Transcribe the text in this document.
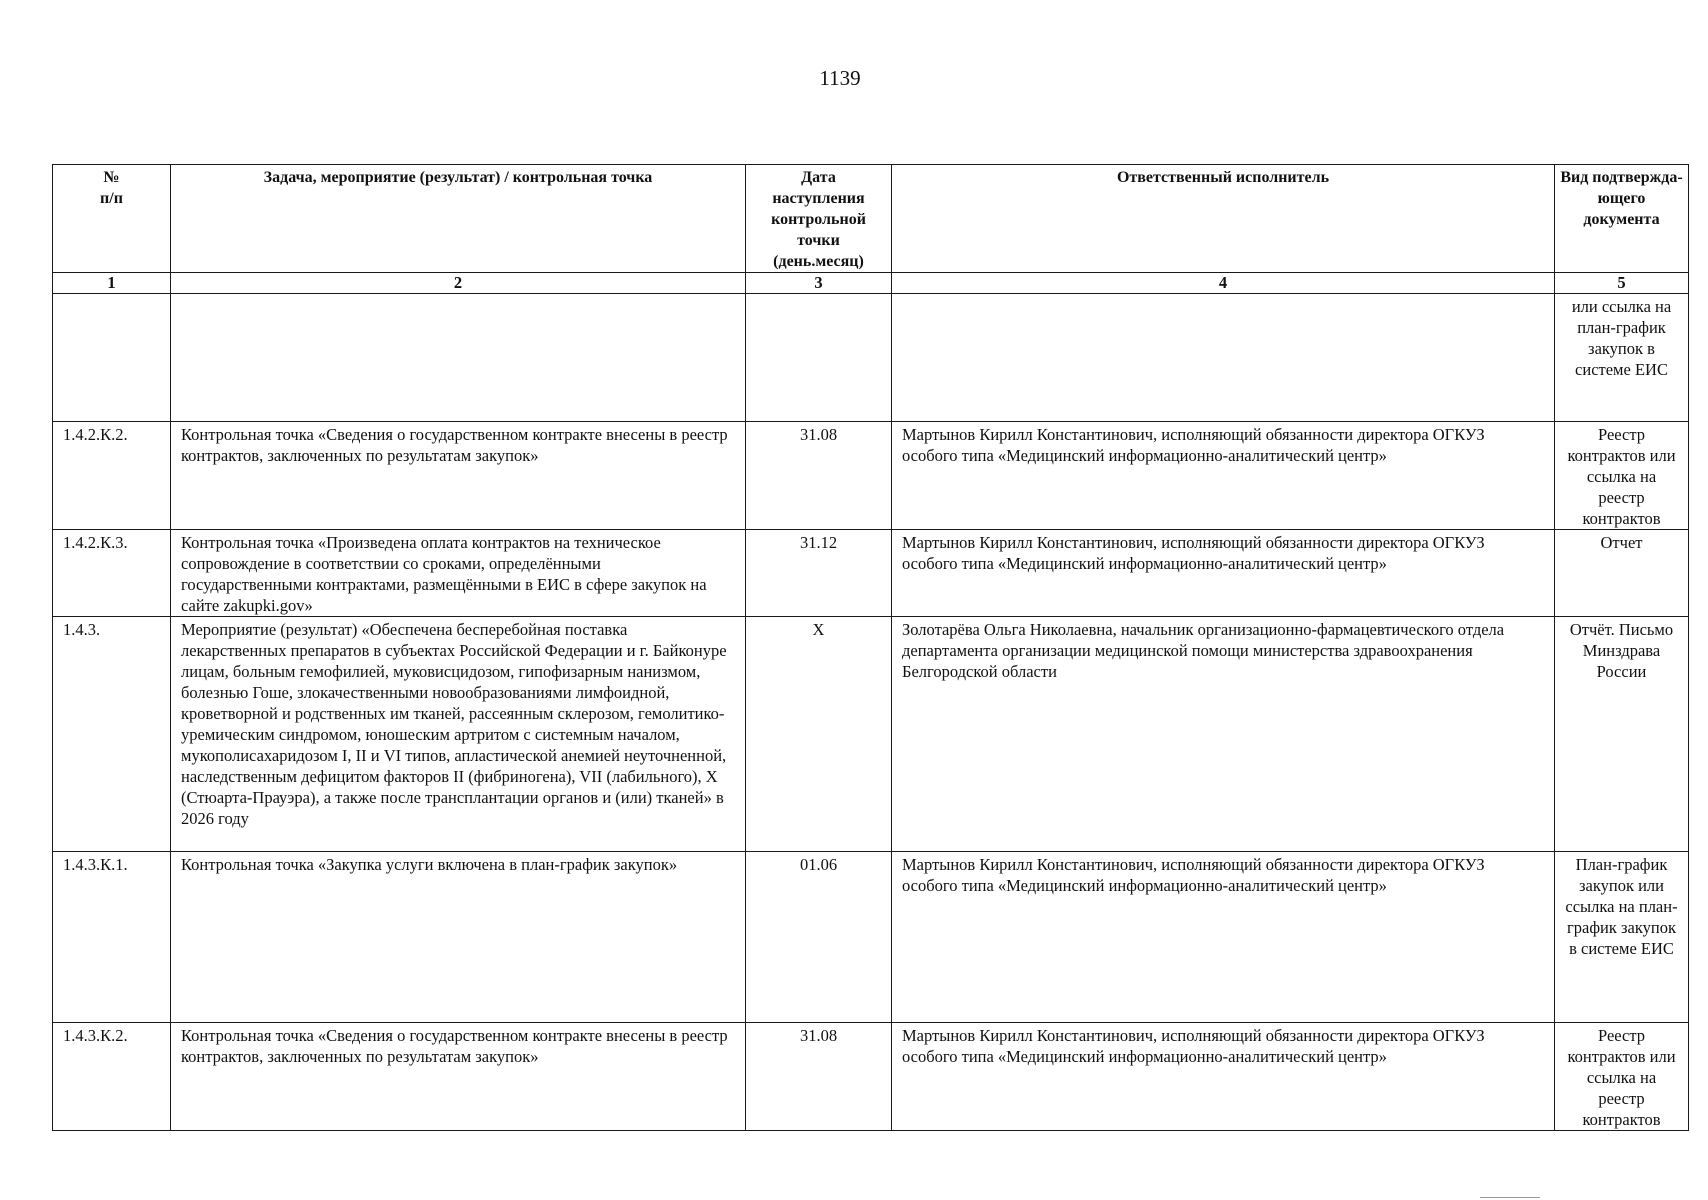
1139
№
п/п	Задача, мероприятие (результат) / контрольная точка	Дата наступления контрольной точки (день.месяц)	Ответственный исполнитель	Вид подтвержда-ющего документа
1	2	3	4	5
				или ссылка на план-график закупок в системе ЕИС
1.4.2.К.2.	Контрольная точка «Сведения о государственном контракте внесены в реестр контрактов, заключенных по результатам закупок»	31.08	Мартынов Кирилл Константинович, исполняющий обязанности директора ОГКУЗ особого типа «Медицинский информационно-аналитический центр»	Реестр контрактов или ссылка на реестр контрактов
1.4.2.К.3.	Контрольная точка «Произведена оплата контрактов на техническое сопровождение в соответствии со сроками, определёнными государственными контрактами, размещёнными в ЕИС в сфере закупок на сайте zakupki.gov»	31.12	Мартынов Кирилл Константинович, исполняющий обязанности директора ОГКУЗ особого типа «Медицинский информационно-аналитический центр»	Отчет
1.4.3.	Мероприятие (результат) «Обеспечена бесперебойная поставка лекарственных препаратов в субъектах Российской Федерации и г. Байконуре лицам, больным гемофилией, муковисцидозом, гипофизарным нанизмом, болезнью Гоше, злокачественными новообразованиями лимфоидной, кроветворной и родственных им тканей, рассеянным склерозом, гемолитико-уремическим синдромом, юношеским артритом с системным началом, мукополисахаридозом I, II и VI типов, апластической анемией неуточненной, наследственным дефицитом факторов II (фибриногена), VII (лабильного), X (Стюарта-Прауэра), а также после трансплантации органов и (или) тканей» в 2026 году	X	Золотарёва Ольга Николаевна, начальник организационно-фармацевтического отдела департамента организации медицинской помощи министерства здравоохранения Белгородской области	Отчёт. Письмо Минздрава России
1.4.3.К.1.	Контрольная точка «Закупка услуги включена в план-график закупок»	01.06	Мартынов Кирилл Константинович, исполняющий обязанности директора ОГКУЗ особого типа «Медицинский информационно-аналитический центр»	План-график закупок или ссылка на план-график закупок в системе ЕИС
1.4.3.К.2.	Контрольная точка «Сведения о государственном контракте внесены в реестр контрактов, заключенных по результатам закупок»	31.08	Мартынов Кирилл Константинович, исполняющий обязанности директора ОГКУЗ особого типа «Медицинский информационно-аналитический центр»	Реестр контрактов или ссылка на реестр контрактов
